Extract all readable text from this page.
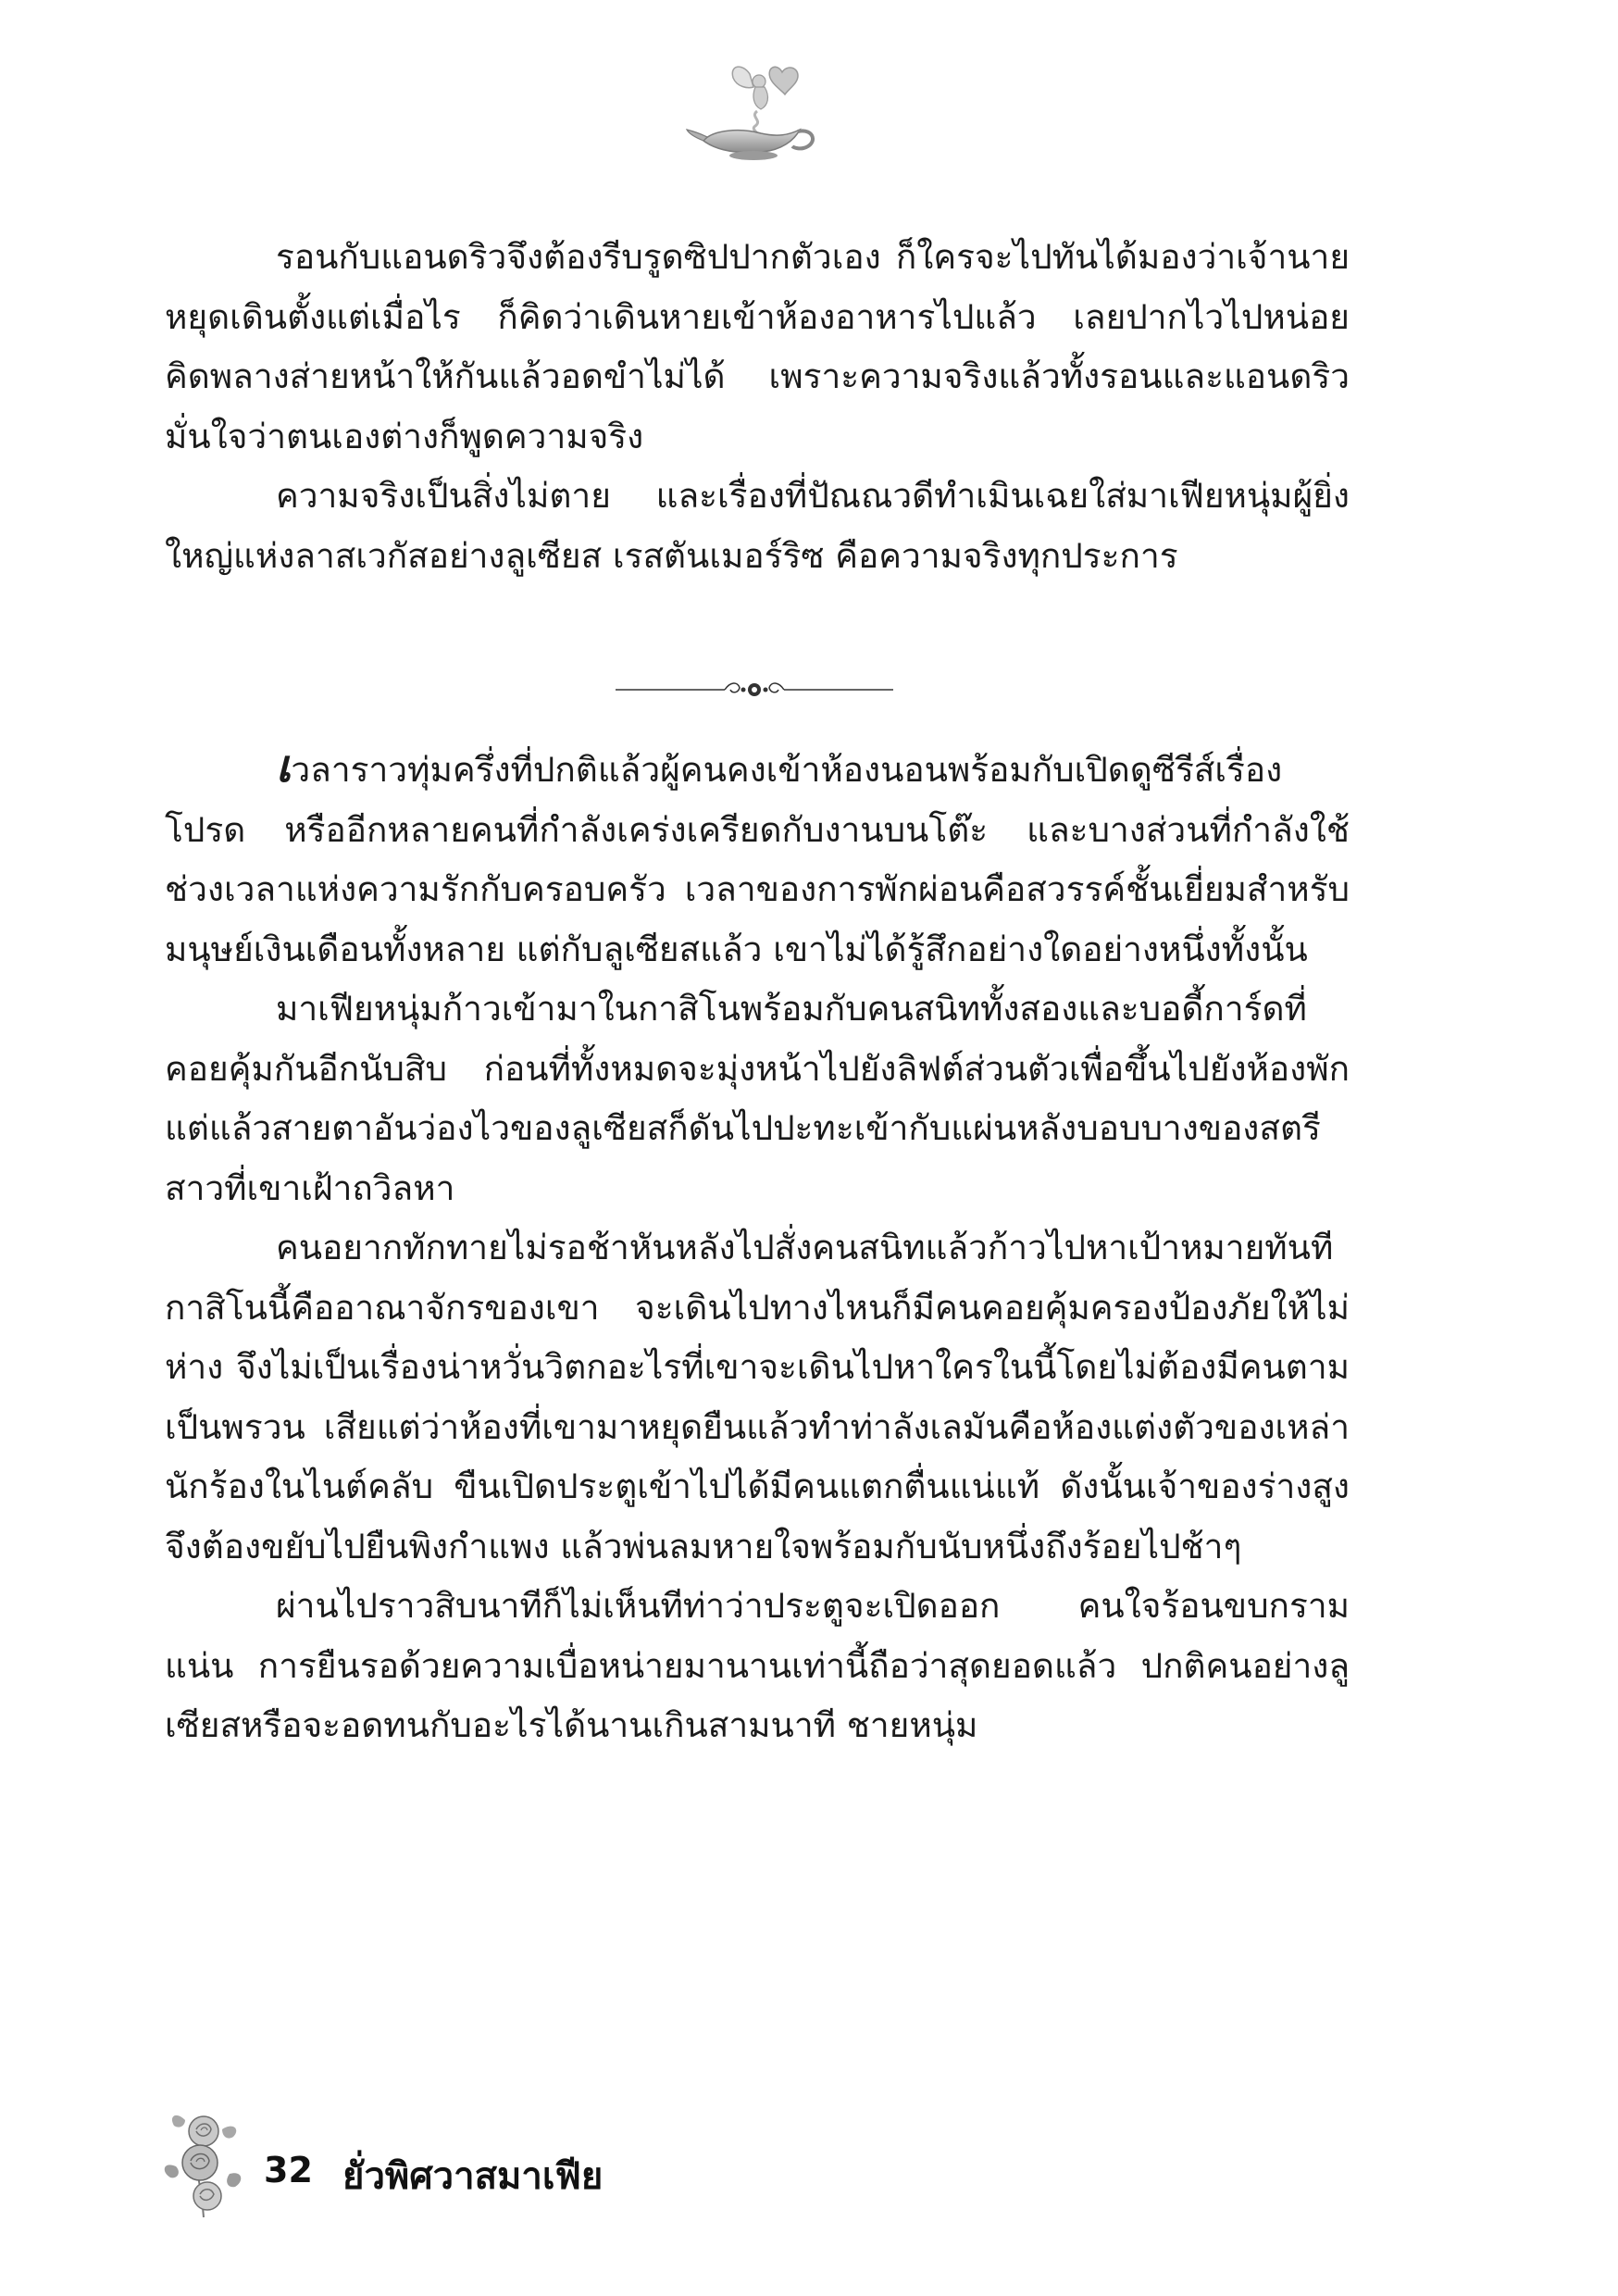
รอนกับแอนดริวจึงต้องรีบรูดซิปปากตัวเอง ก็ใครจะไปทันได้มองว่าเจ้านายหยุดเดินตั้งแต่เมื่อไร ก็คิดว่าเดินหายเข้าห้องอาหารไปแล้ว เลยปากไวไปหน่อย คิดพลางส่ายหน้าให้กันแล้วอดขำไม่ได้ เพราะความจริงแล้วทั้งรอนและแอนดริวมั่นใจว่าตนเองต่างก็พูดความจริง

ความจริงเป็นสิ่งไม่ตาย และเรื่องที่ปัณณวดีทำเมินเฉยใส่มาเฟียหนุ่มผู้ยิ่งใหญ่แห่งลาสเวกัสอย่างลูเซียส เรสตันเมอร์ริซ คือความจริงทุกประการ

เวลาราวทุ่มครึ่งที่ปกติแล้วผู้คนคงเข้าห้องนอนพร้อมกับเปิดดูซีรีส์เรื่องโปรด หรืออีกหลายคนที่กำลังเคร่งเครียดกับงานบนโต๊ะ และบางส่วนที่กำลังใช้ช่วงเวลาแห่งความรักกับครอบครัว เวลาของการพักผ่อนคือสวรรค์ชั้นเยี่ยมสำหรับมนุษย์เงินเดือนทั้งหลาย แต่กับลูเซียสแล้ว เขาไม่ได้รู้สึกอย่างใดอย่างหนึ่งทั้งนั้น

มาเฟียหนุ่มก้าวเข้ามาในกาสิโนพร้อมกับคนสนิททั้งสองและบอดี้การ์ดที่คอยคุ้มกันอีกนับสิบ ก่อนที่ทั้งหมดจะมุ่งหน้าไปยังลิฟต์ส่วนตัวเพื่อขึ้นไปยังห้องพัก แต่แล้วสายตาอันว่องไวของลูเซียสก็ดันไปปะทะเข้ากับแผ่นหลังบอบบางของสตรีสาวที่เขาเฝ้าถวิลหา

คนอยากทักทายไม่รอช้าหันหลังไปสั่งคนสนิทแล้วก้าวไปหาเป้าหมายทันที กาสิโนนี้คืออาณาจักรของเขา จะเดินไปทางไหนก็มีคนคอยคุ้มครองป้องภัยให้ไม่ห่าง จึงไม่เป็นเรื่องน่าหวั่นวิตกอะไรที่เขาจะเดินไปหาใครในนี้โดยไม่ต้องมีคนตามเป็นพรวน เสียแต่ว่าห้องที่เขามาหยุดยืนแล้วทำท่าลังเลมันคือห้องแต่งตัวของเหล่านักร้องในไนต์คลับ ขืนเปิดประตูเข้าไปได้มีคนแตกตื่นแน่แท้ ดังนั้นเจ้าของร่างสูงจึงต้องขยับไปยืนพิงกำแพง แล้วพ่นลมหายใจพร้อมกับนับหนึ่งถึงร้อยไปช้าๆ

ผ่านไปราวสิบนาทีก็ไม่เห็นทีท่าว่าประตูจะเปิดออก คนใจร้อนขบกรามแน่น การยืนรอด้วยความเบื่อหน่ายมานานเท่านี้ถือว่าสุดยอดแล้ว ปกติคนอย่างลูเซียสหรือจะอดทนกับอะไรได้นานเกินสามนาที ชายหนุ่ม

32 ยั่วพิศวาสมาเฟีย
